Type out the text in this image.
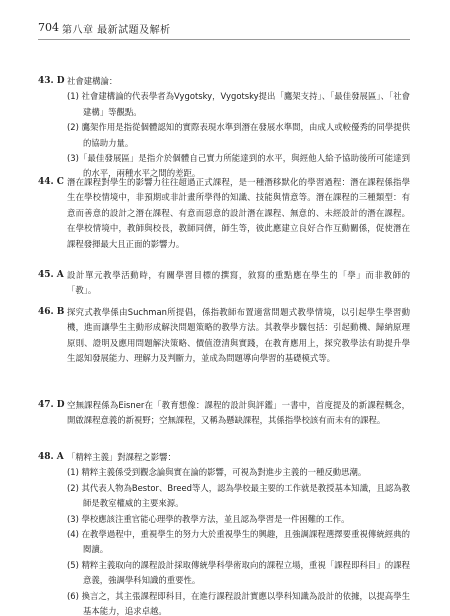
704 第八章 最新試題及解析
43. D 社會建構論：
(1) 社會建構論的代表學者為Vygotsky，Vygotsky提出「鷹架支持」、「最佳發展區」、「社會建構」等觀點。
(2) 鷹架作用是指從個體認知的實際表現水準到潛在發展水準間，由成人或較優秀的同學提供的協助力量。
(3)「最佳發展區」是指介於個體自己實力所能達到的水平，與經他人給予協助後所可能達到的水平，兩種水平之間的差距。
44. C 潛在課程對學生的影響力往往超過正式課程，是一種潛移默化的學習過程：潛在課程係指學生在學校情境中，非預期或非計畫所學得的知識、技能與情意等。潛在課程的三種類型：有意而善意的設計之潛在課程、有意而惡意的設計潛在課程、無意的、未經設計的潛在課程。在學校情境中，教師與校長，教師同儕，師生等，彼此應建立良好合作互動關係，促使潛在課程發揮最大且正面的影響力。
45. A 設計單元教學活動時，有關學習目標的撰寫，敘寫的重點應在學生的「學」而非教師的「教」。
46. B 探究式教學係由Suchman所提倡，係指教師布置適當問題式教學情境，以引起學生學習動機，進而讓學生主動形成解決問題策略的教學方法。其教學步驟包括：引起動機、歸納原理原則、證明及應用問題解決策略、價值澄清與實踐，在教育應用上，探究教學法有助提升學生認知發展能力、理解力及判斷力，並成為問題導向學習的基礎模式等。
47. D 空無課程係為Eisner在「教育想像：課程的設計與評鑑」一書中，首度提及的新課程概念，開啟課程意義的新視野；空無課程，又稱為懸缺課程，其係指學校該有而未有的課程。
48. A 「精粹主義」對課程之影響：
(1) 精粹主義係受到觀念論與實在論的影響，可視為對進步主義的一種反動思潮。
(2) 其代表人物為Bestor、Breed等人，認為學校最主要的工作就是教授基本知識，且認為教師是教室權威的主要來源。
(3) 學校應該注重官能心理學的教學方法，並且認為學習是一件困難的工作。
(4) 在教學過程中，重視學生的努力大於重視學生的興趣，且強調課程選擇要重視傳統經典的閱讀。
(5) 精粹主義取向的課程設計採取傳統學科學術取向的課程立場，重視「課程即科目」的課程意義，強調學科知識的重要性。
(6) 換言之，其主張課程即科目，在進行課程設計實應以學科知識為設計的依據，以提高學生基本能力，追求卓越。
